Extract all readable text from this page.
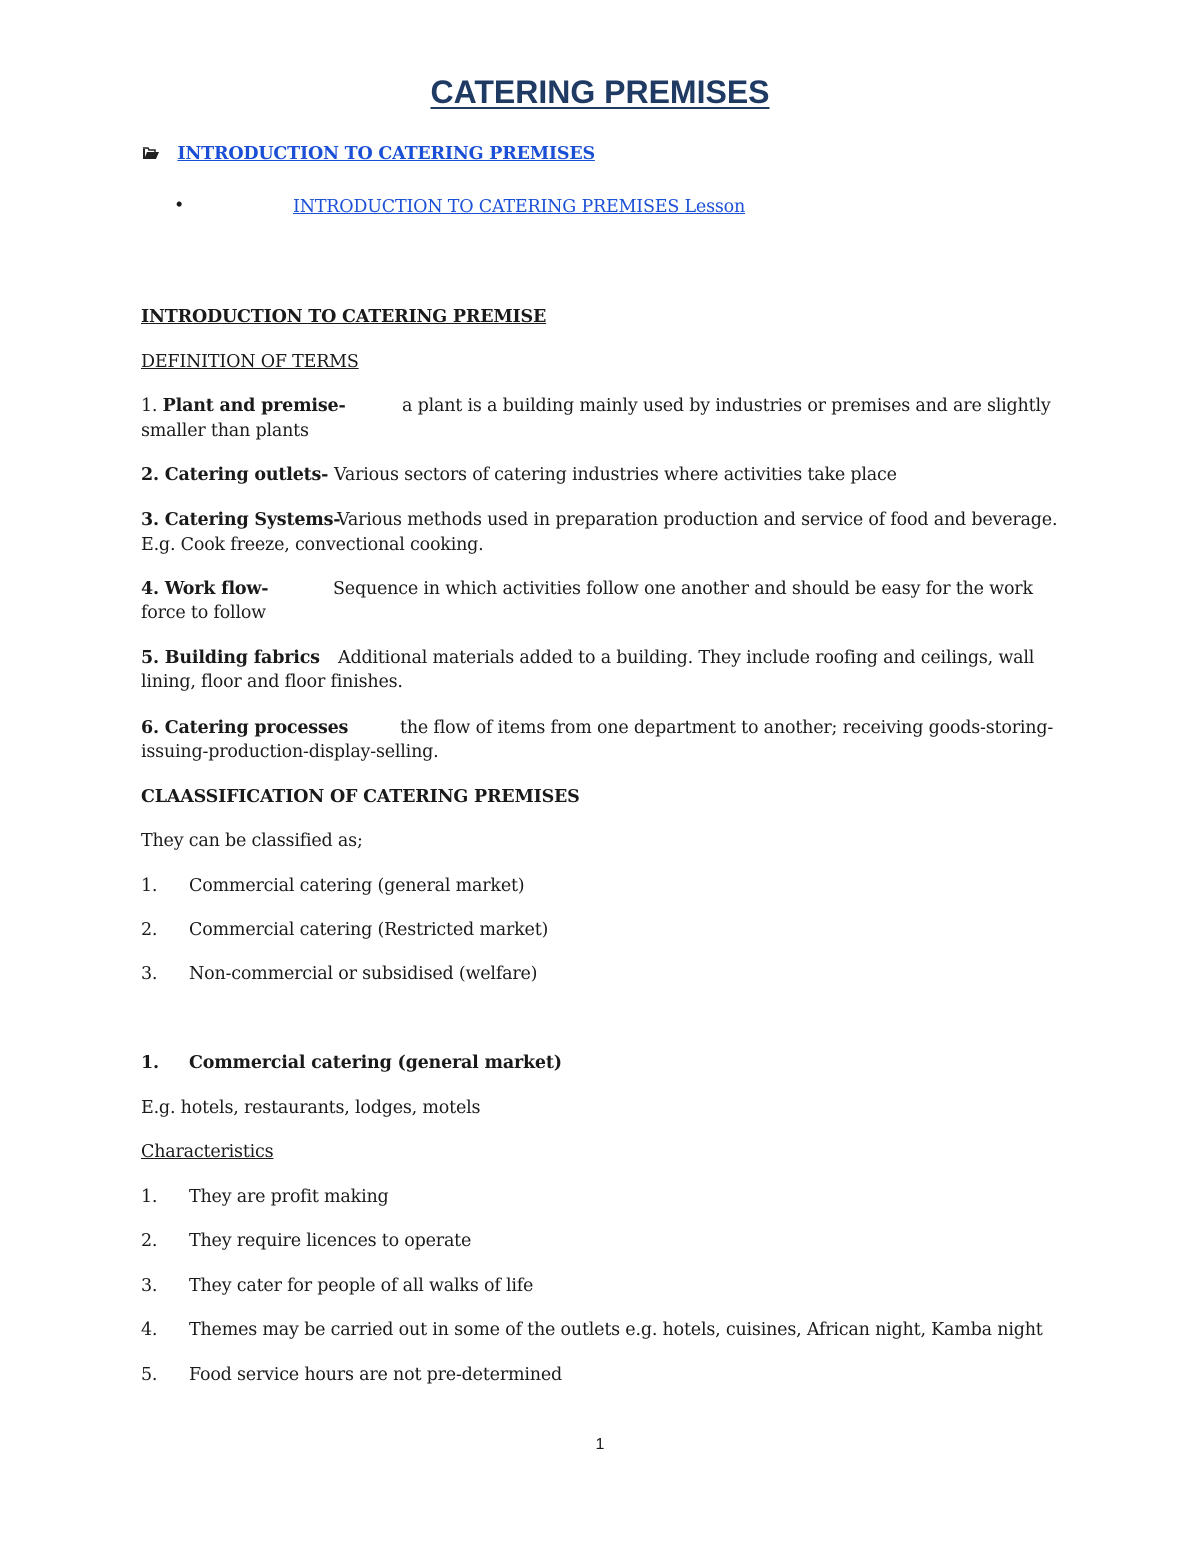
CATERING PREMISES
INTRODUCTION TO CATERING PREMISES
•	INTRODUCTION TO CATERING PREMISES Lesson
INTRODUCTION TO CATERING PREMISE
DEFINITION OF TERMS
1. Plant and premise-	a plant is a building mainly used by industries or premises and are slightly
smaller than plants
2. Catering outlets- Various sectors of catering industries where activities take place
3. Catering Systems-
Various methods used in preparation production and service of food and beverage.
E.g. Cook freeze, convectional cooking.
4. Work flow-	Sequence in which activities follow one another and should be easy for the work
force to follow
5. Building fabrics Additional materials added to a building. They include roofing and ceilings, wall
lining, floor and floor finishes.
6. Catering processes	the flow of items from one department to another; receiving goods-storing-
issuing-production-display-selling.
CLAASSIFICATION OF CATERING PREMISES
They can be classified as;
1. Commercial catering (general market)
2. Commercial catering (Restricted market)
3. Non-commercial or subsidised (welfare)
1. Commercial catering (general market)
E.g. hotels, restaurants, lodges, motels
Characteristics
1. They are profit making
2. They require licences to operate
3. They cater for people of all walks of life
4. Themes may be carried out in some of the outlets e.g. hotels, cuisines, African night, Kamba night
5. Food service hours are not pre-determined
1
